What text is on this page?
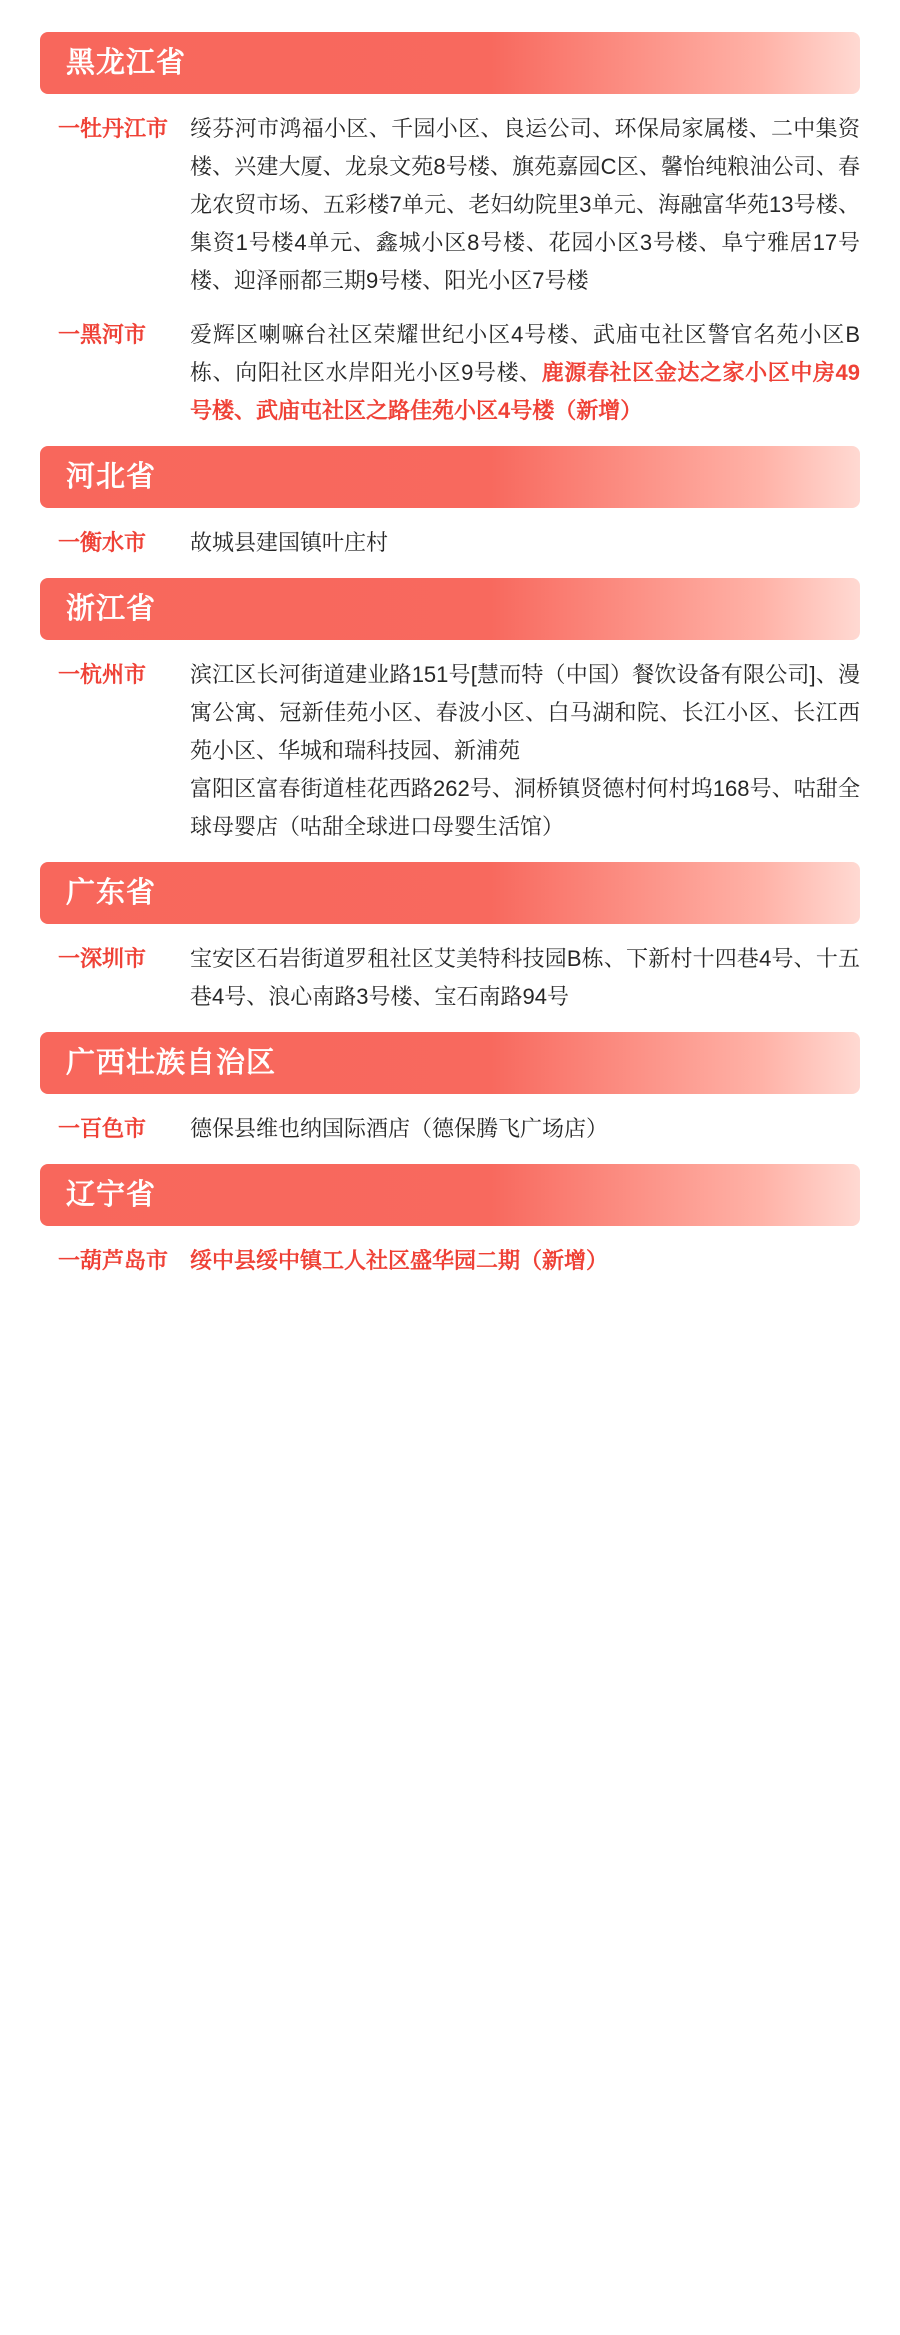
黑龙江省
一牡丹江市 绥芬河市鸿福小区、千园小区、良运公司、环保局家属楼、二中集资楼、兴建大厦、龙泉文苑8号楼、旗苑嘉园C区、馨怡纯粮油公司、春龙农贸市场、五彩楼7单元、老妇幼院里3单元、海融富华苑13号楼、集资1号楼4单元、鑫城小区8号楼、花园小区3号楼、阜宁雅居17号楼、迎泽丽都三期9号楼、阳光小区7号楼

一黑河市	爱辉区喇嘛台社区荣耀世纪小区4号楼、武庙屯社区警官名苑小区B栋、向阳社区水岸阳光小区9号楼、鹿源春社区金达之家小区中房49号楼、武庙屯社区之路佳苑小区4号楼（新增）

河北省
一衡水市	故城县建国镇叶庄村

浙江省
一杭州市	滨江区长河街道建业路151号[慧而特（中国）餐饮设备有限公司]、漫寓公寓、冠新佳苑小区、春波小区、白马湖和院、长江小区、长江西苑小区、华城和瑞科技园、新浦苑

富阳区富春街道桂花西路262号、洞桥镇贤德村何村坞168号、咕甜全球母婴店（咕甜全球进口母婴生活馆）

广东省
一深圳市	宝安区石岩街道罗租社区艾美特科技园B栋、下新村十四巷4号、十五巷4号、浪心南路3号楼、宝石南路94号

广西壮族自治区
一百色市	德保县维也纳国际酒店（德保腾飞广场店）

辽宁省
一葫芦岛市 绥中县绥中镇工人社区盛华园二期（新增）
